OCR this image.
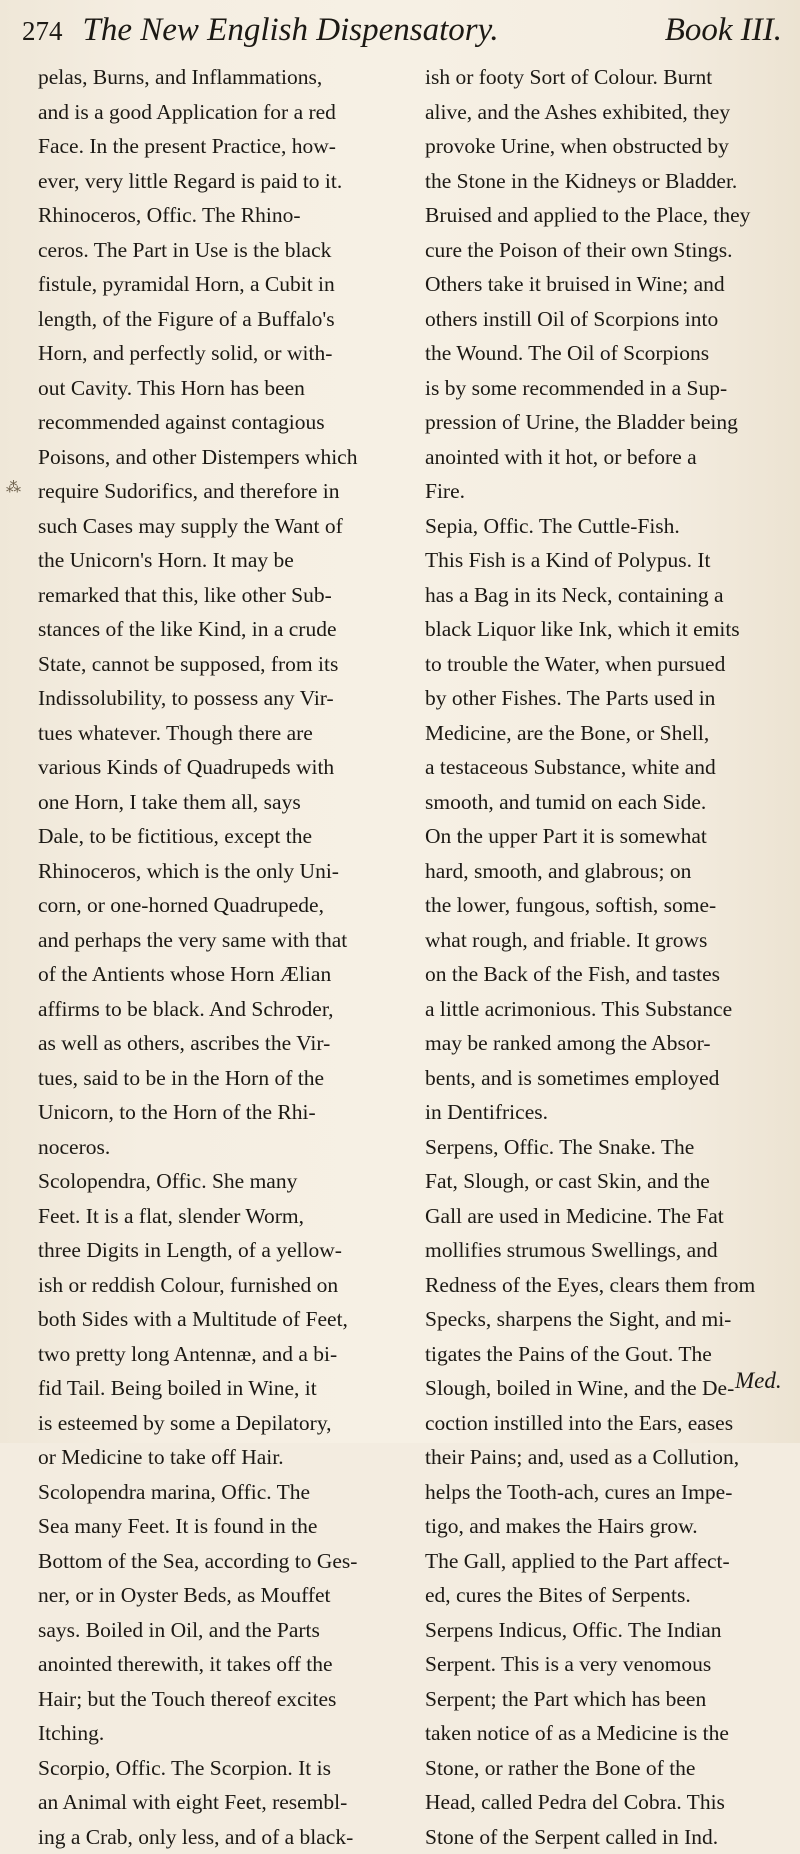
274 The New English Dispensatory.	Book III.
⁂
pelas, Burns, and Inflammations,
and is a good Application for a red
Face. In the present Practice, how-
ever, very little Regard is paid to it.
Rhinoceros, Offic. The Rhino-
ceros. The Part in Use is the black
fistule, pyramidal Horn, a Cubit in
length, of the Figure of a Buffalo's
Horn, and perfectly solid, or with-
out Cavity. This Horn has been
recommended against contagious
Poisons, and other Distempers which
require Sudorifics, and therefore in
such Cases may supply the Want of
the Unicorn's Horn. It may be
remarked that this, like other Sub-
stances of the like Kind, in a crude
State, cannot be supposed, from its
Indissolubility, to possess any Vir-
tues whatever. Though there are
various Kinds of Quadrupeds with
one Horn, I take them all, says
Dale, to be fictitious, except the
Rhinoceros, which is the only Uni-
corn, or one-horned Quadrupede,
and perhaps the very same with that
of the Antients whose Horn Ælian
affirms to be black. And Schroder,
as well as others, ascribes the Vir-
tues, said to be in the Horn of the
Unicorn, to the Horn of the Rhi-
noceros.
Scolopendra, Offic. She many
Feet. It is a flat, slender Worm,
three Digits in Length, of a yellow-
ish or reddish Colour, furnished on
both Sides with a Multitude of Feet,
two pretty long Antennæ, and a bi-
fid Tail. Being boiled in Wine, it
is esteemed by some a Depilatory,
or Medicine to take off Hair.
Scolopendra marina, Offic. The
Sea many Feet. It is found in the
Bottom of the Sea, according to Ges-
ner, or in Oyster Beds, as Mouffet
says. Boiled in Oil, and the Parts
anointed therewith, it takes off the
Hair; but the Touch thereof excites
Itching.
Scorpio, Offic. The Scorpion. It is
an Animal with eight Feet, resembl-
ing a Crab, only less, and of a black-
ish or footy Sort of Colour. Burnt
alive, and the Ashes exhibited, they
provoke Urine, when obstructed by
the Stone in the Kidneys or Bladder.
Bruised and applied to the Place, they
cure the Poison of their own Stings.
Others take it bruised in Wine; and
others instill Oil of Scorpions into
the Wound. The Oil of Scorpions
is by some recommended in a Sup-
pression of Urine, the Bladder being
anointed with it hot, or before a
Fire.
Sepia, Offic. The Cuttle-Fish.
This Fish is a Kind of Polypus. It
has a Bag in its Neck, containing a
black Liquor like Ink, which it emits
to trouble the Water, when pursued
by other Fishes. The Parts used in
Medicine, are the Bone, or Shell,
a testaceous Substance, white and
smooth, and tumid on each Side.
On the upper Part it is somewhat
hard, smooth, and glabrous; on
the lower, fungous, softish, some-
what rough, and friable. It grows
on the Back of the Fish, and tastes
a little acrimonious. This Substance
may be ranked among the Absor-
bents, and is sometimes employed
in Dentifrices.
Serpens, Offic. The Snake. The
Fat, Slough, or cast Skin, and the
Gall are used in Medicine. The Fat
mollifies strumous Swellings, and
Redness of the Eyes, clears them from
Specks, sharpens the Sight, and mi-
tigates the Pains of the Gout. The
Slough, boiled in Wine, and the De-
coction instilled into the Ears, eases
their Pains; and, used as a Collution,
helps the Tooth-ach, cures an Impe-
tigo, and makes the Hairs grow.
The Gall, applied to the Part affect-
ed, cures the Bites of Serpents.
Serpens Indicus, Offic. The Indian
Serpent. This is a very venomous
Serpent; the Part which has been
taken notice of as a Medicine is the
Stone, or rather the Bone of the
Head, called Pedra del Cobra. This
Stone of the Serpent called in Ind.
Med.
